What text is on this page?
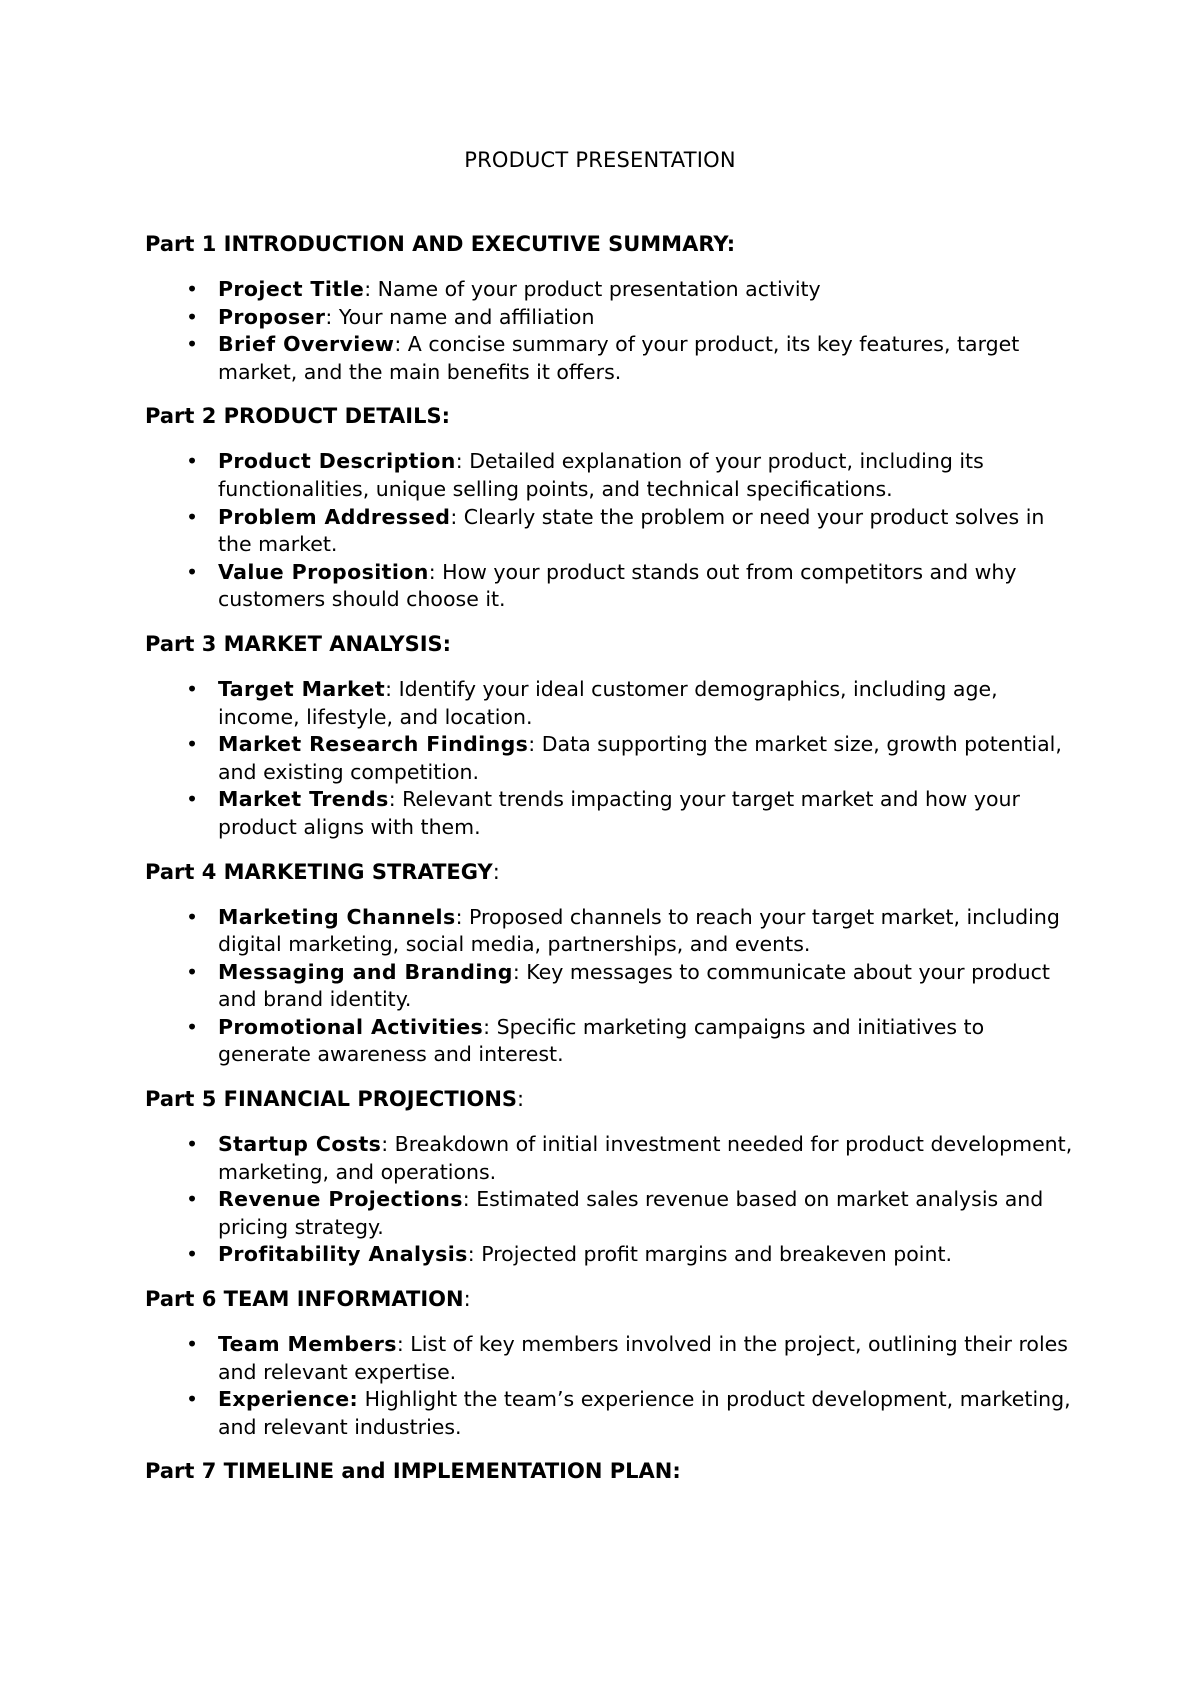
PRODUCT PRESENTATION
Part 1 INTRODUCTION AND EXECUTIVE SUMMARY:
• Project Title: Name of your product presentation activity
• Proposer: Your name and affiliation
• Brief Overview: A concise summary of your product, its key features, target market, and the main benefits it offers.
Part 2 PRODUCT DETAILS:
• Product Description: Detailed explanation of your product, including its functionalities, unique selling points, and technical specifications.
• Problem Addressed: Clearly state the problem or need your product solves in the market.
• Value Proposition: How your product stands out from competitors and why customers should choose it.
Part 3 MARKET ANALYSIS:
• Target Market: Identify your ideal customer demographics, including age, income, lifestyle, and location.
• Market Research Findings: Data supporting the market size, growth potential, and existing competition.
• Market Trends: Relevant trends impacting your target market and how your product aligns with them.
Part 4 MARKETING STRATEGY:
• Marketing Channels: Proposed channels to reach your target market, including digital marketing, social media, partnerships, and events.
• Messaging and Branding: Key messages to communicate about your product and brand identity.
• Promotional Activities: Specific marketing campaigns and initiatives to generate awareness and interest.
Part 5 FINANCIAL PROJECTIONS:
• Startup Costs: Breakdown of initial investment needed for product development, marketing, and operations.
• Revenue Projections: Estimated sales revenue based on market analysis and pricing strategy.
• Profitability Analysis: Projected profit margins and breakeven point.
Part 6 TEAM INFORMATION:
• Team Members: List of key members involved in the project, outlining their roles and relevant expertise.
• Experience: Highlight the team’s experience in product development, marketing, and relevant industries.
Part 7 TIMELINE and IMPLEMENTATION PLAN:
